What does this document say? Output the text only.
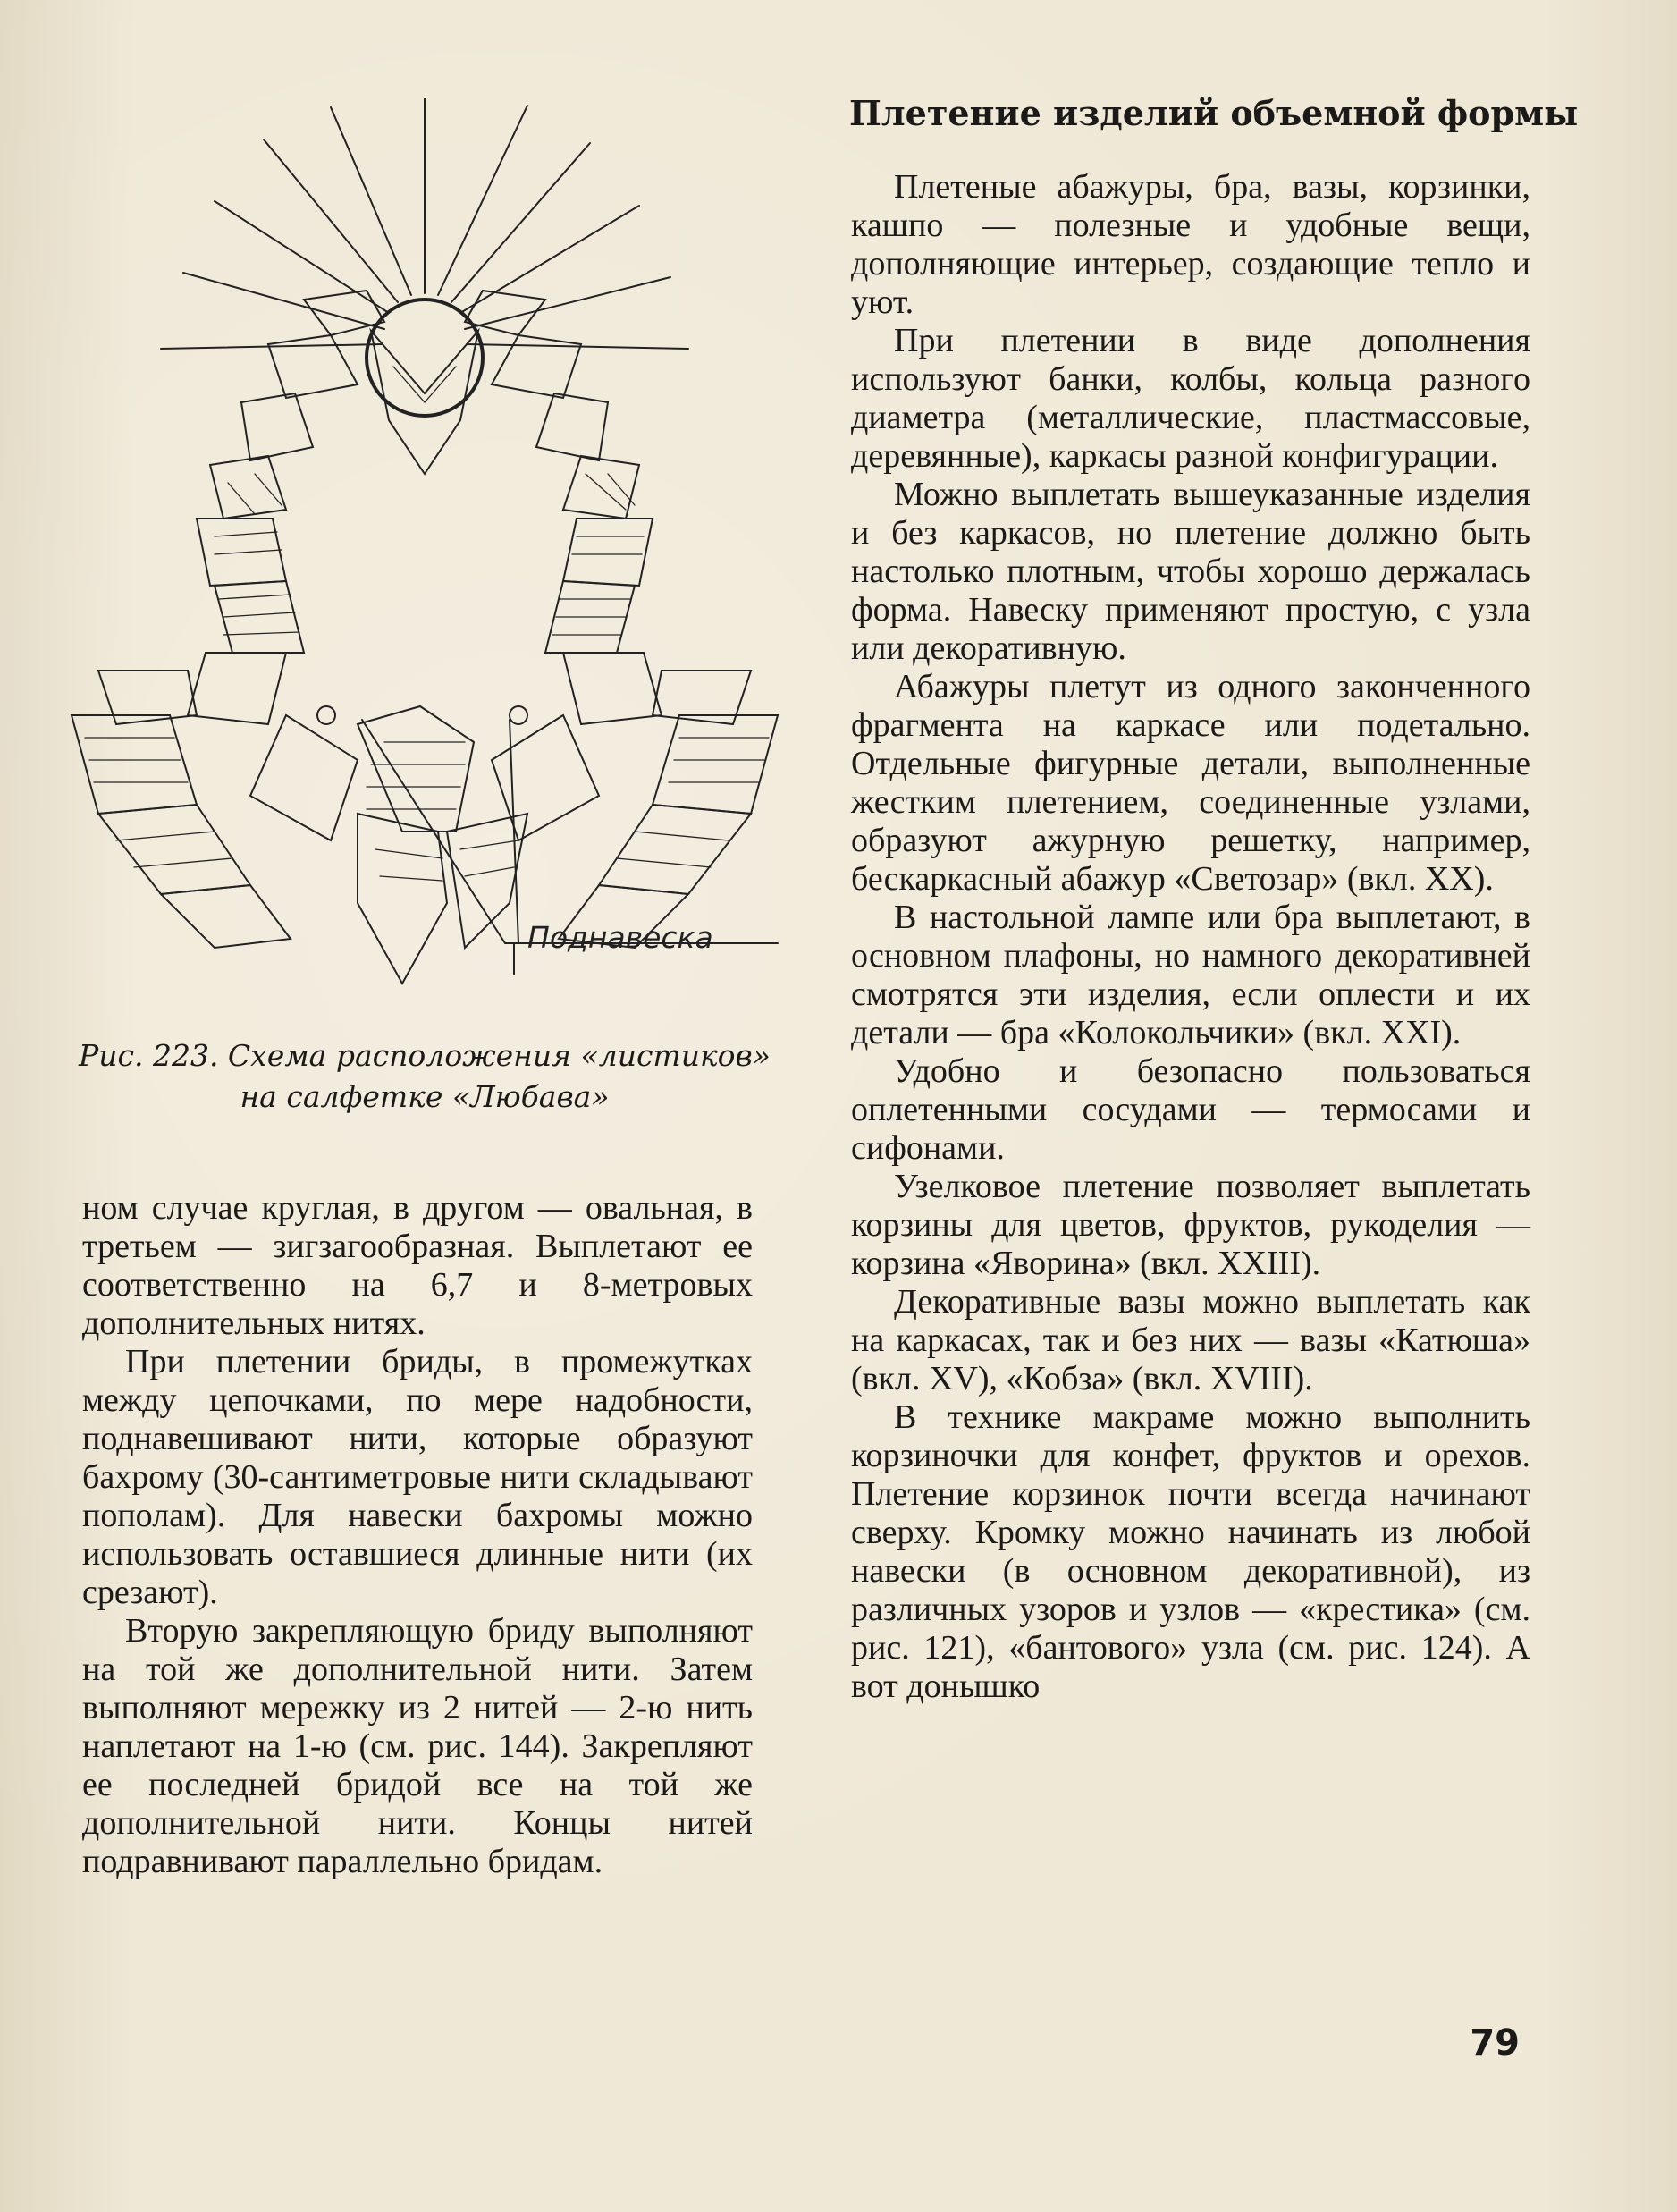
Поднавеска
Рис. 223. Схема расположения «листиков»
на салфетке «Любава»
Плетение изделий объемной формы

ном случае круглая, в другом — овальная, в третьем — зигзагообразная. Выплетают ее соответственно на 6,7 и 8-метровых дополнительных нитях.

При плетении бриды, в промежутках между цепочками, по мере надобности, поднавешивают нити, которые образуют бахрому (30-сантиметровые нити складывают пополам). Для навески бахромы можно использовать оставшиеся длинные нити (их срезают).

Вторую закрепляющую бриду выполняют на той же дополнительной нити. Затем выполняют мережку из 2 нитей — 2-ю нить наплетают на 1-ю (см. рис. 144). Закрепляют ее последней бридой все на той же дополнительной нити. Концы нитей подравнивают параллельно бридам.

Плетеные абажуры, бра, вазы, корзинки, кашпо — полезные и удобные вещи, дополняющие интерьер, создающие тепло и уют.

При плетении в виде дополнения используют банки, колбы, кольца разного диаметра (металлические, пластмассовые, деревянные), каркасы разной конфигурации.

Можно выплетать вышеуказанные изделия и без каркасов, но плетение должно быть настолько плотным, чтобы хорошо держалась форма. Навеску применяют простую, с узла или декоративную.

Абажуры плетут из одного законченного фрагмента на каркасе или подетально. Отдельные фигурные детали, выполненные жестким плетением, соединенные узлами, образуют ажурную решетку, например, бескаркасный абажур «Светозар» (вкл. XX).

В настольной лампе или бра выплетают, в основном плафоны, но намного декоративней смотрятся эти изделия, если оплести и их детали — бра «Колокольчики» (вкл. XXI).

Удобно и безопасно пользоваться оплетенными сосудами — термосами и сифонами.

Узелковое плетение позволяет выплетать корзины для цветов, фруктов, рукоделия — корзина «Яворина» (вкл. XXIII).

Декоративные вазы можно выплетать как на каркасах, так и без них — вазы «Катюша» (вкл. XV), «Кобза» (вкл. XVIII).

В технике макраме можно выполнить корзиночки для конфет, фруктов и орехов. Плетение корзинок почти всегда начинают сверху. Кромку можно начинать из любой навески (в основном декоративной), из различных узоров и узлов — «крестика» (см. рис. 121), «бантового» узла (см. рис. 124). А вот донышко

79
